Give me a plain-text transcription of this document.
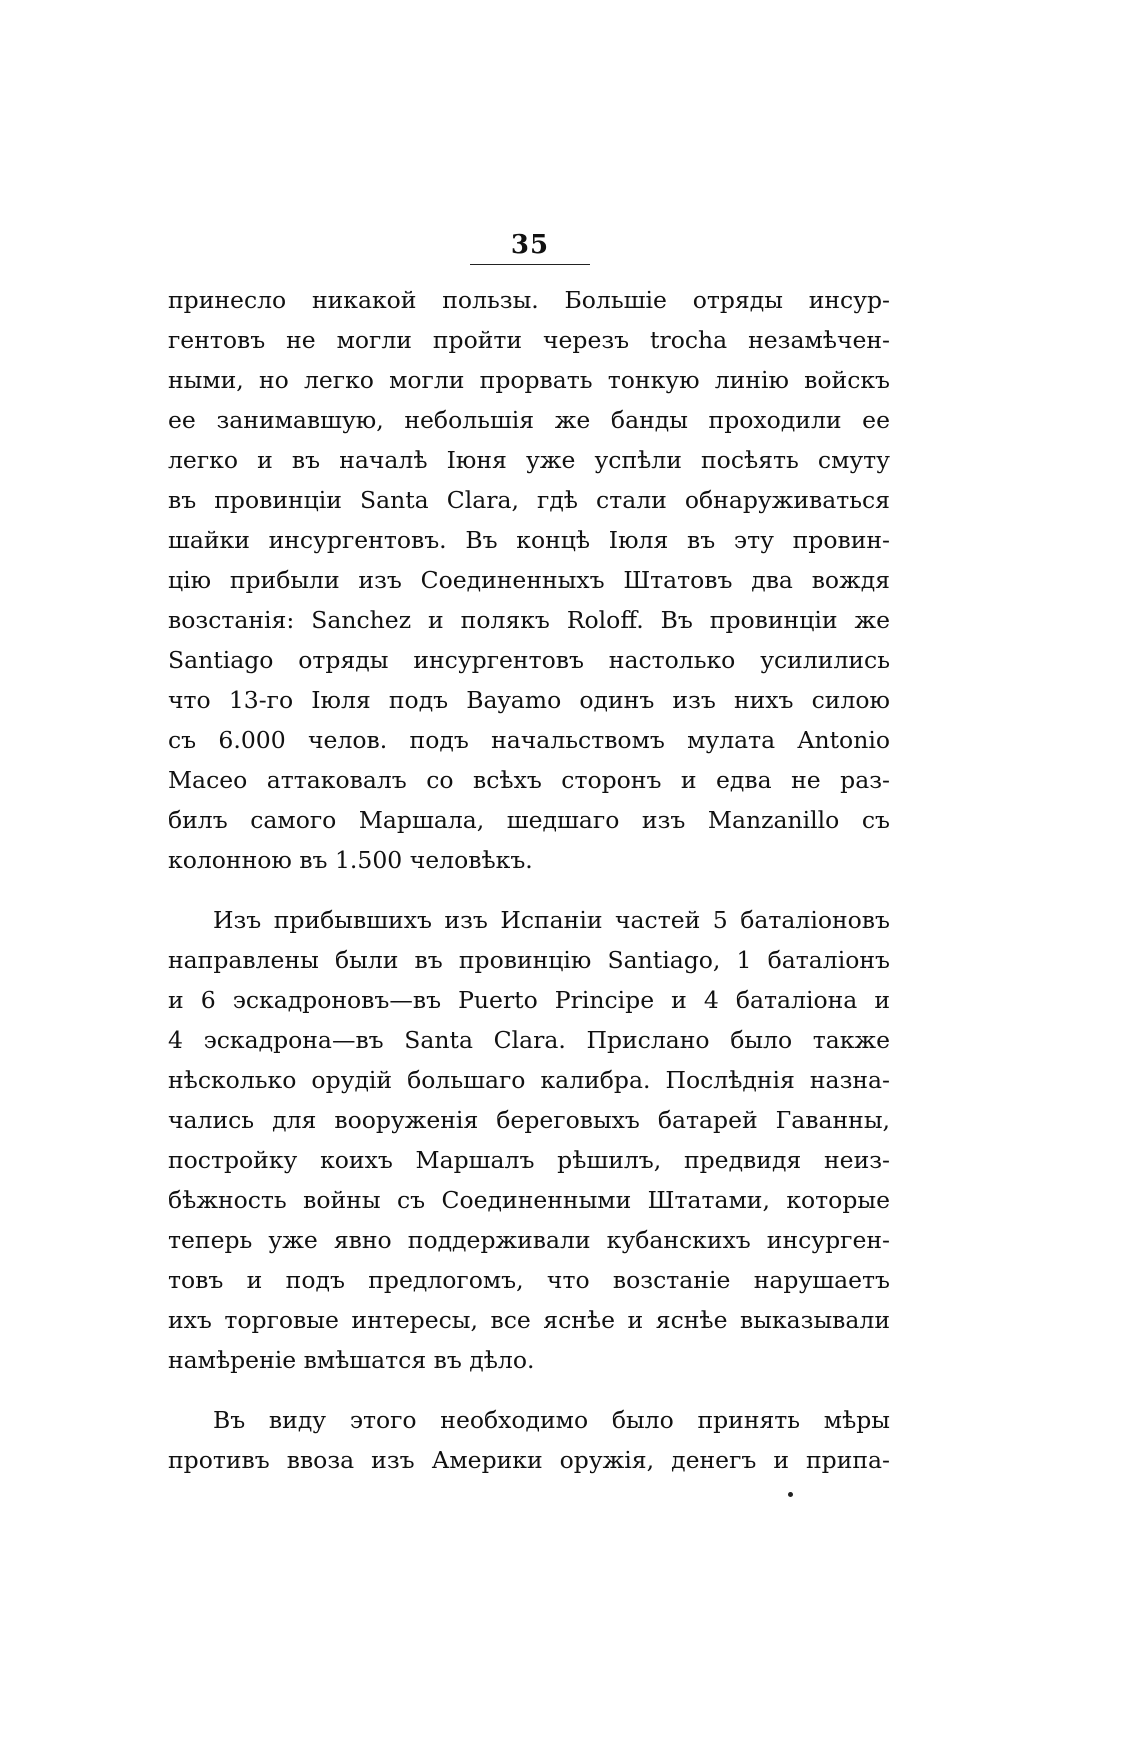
35
принесло никакой пользы. Большіе отряды инсур-
гентовъ не могли пройти черезъ trocha незамѣчен-
ными, но легко могли прорвать тонкую линію войскъ
ее занимавшую, небольшія же банды проходили ее
легко и въ началѣ Іюня уже успѣли посѣять смуту
въ провинціи Santa Clara, гдѣ стали обнаруживаться
шайки инсургентовъ. Въ концѣ Іюля въ эту провин-
цію прибыли изъ Соединенныхъ Штатовъ два вождя
возстанія: Sanchez и полякъ Roloff. Въ провинціи же
Santiago отряды инсургентовъ настолько усилились
что 13-го Іюля подъ Bayamo одинъ изъ нихъ силою
съ 6.000 челов. подъ начальствомъ мулата Antonio
Maceo аттаковалъ со всѣхъ сторонъ и едва не раз-
билъ самого Маршала, шедшаго изъ Manzanillo съ
колонною въ 1.500 человѣкъ.
Изъ прибывшихъ изъ Испаніи частей 5 баталіоновъ
направлены были въ провинцію Santiago, 1 баталіонъ
и 6 эскадроновъ—въ Puerto Principe и 4 баталіона и
4 эскадрона—въ Santa Clara. Прислано было также
нѣсколько орудій большаго калибра. Послѣднія назна-
чались для вооруженія береговыхъ батарей Гаванны,
постройку коихъ Маршалъ рѣшилъ, предвидя неиз-
бѣжность войны съ Соединенными Штатами, которые
теперь уже явно поддерживали кубанскихъ инсурген-
товъ и подъ предлогомъ, что возстаніе нарушаетъ
ихъ торговые интересы, все яснѣе и яснѣе выказывали
намѣреніе вмѣшатся въ дѣло.
Въ виду этого необходимо было принять мѣры
противъ ввоза изъ Америки оружія, денегъ и припа-
